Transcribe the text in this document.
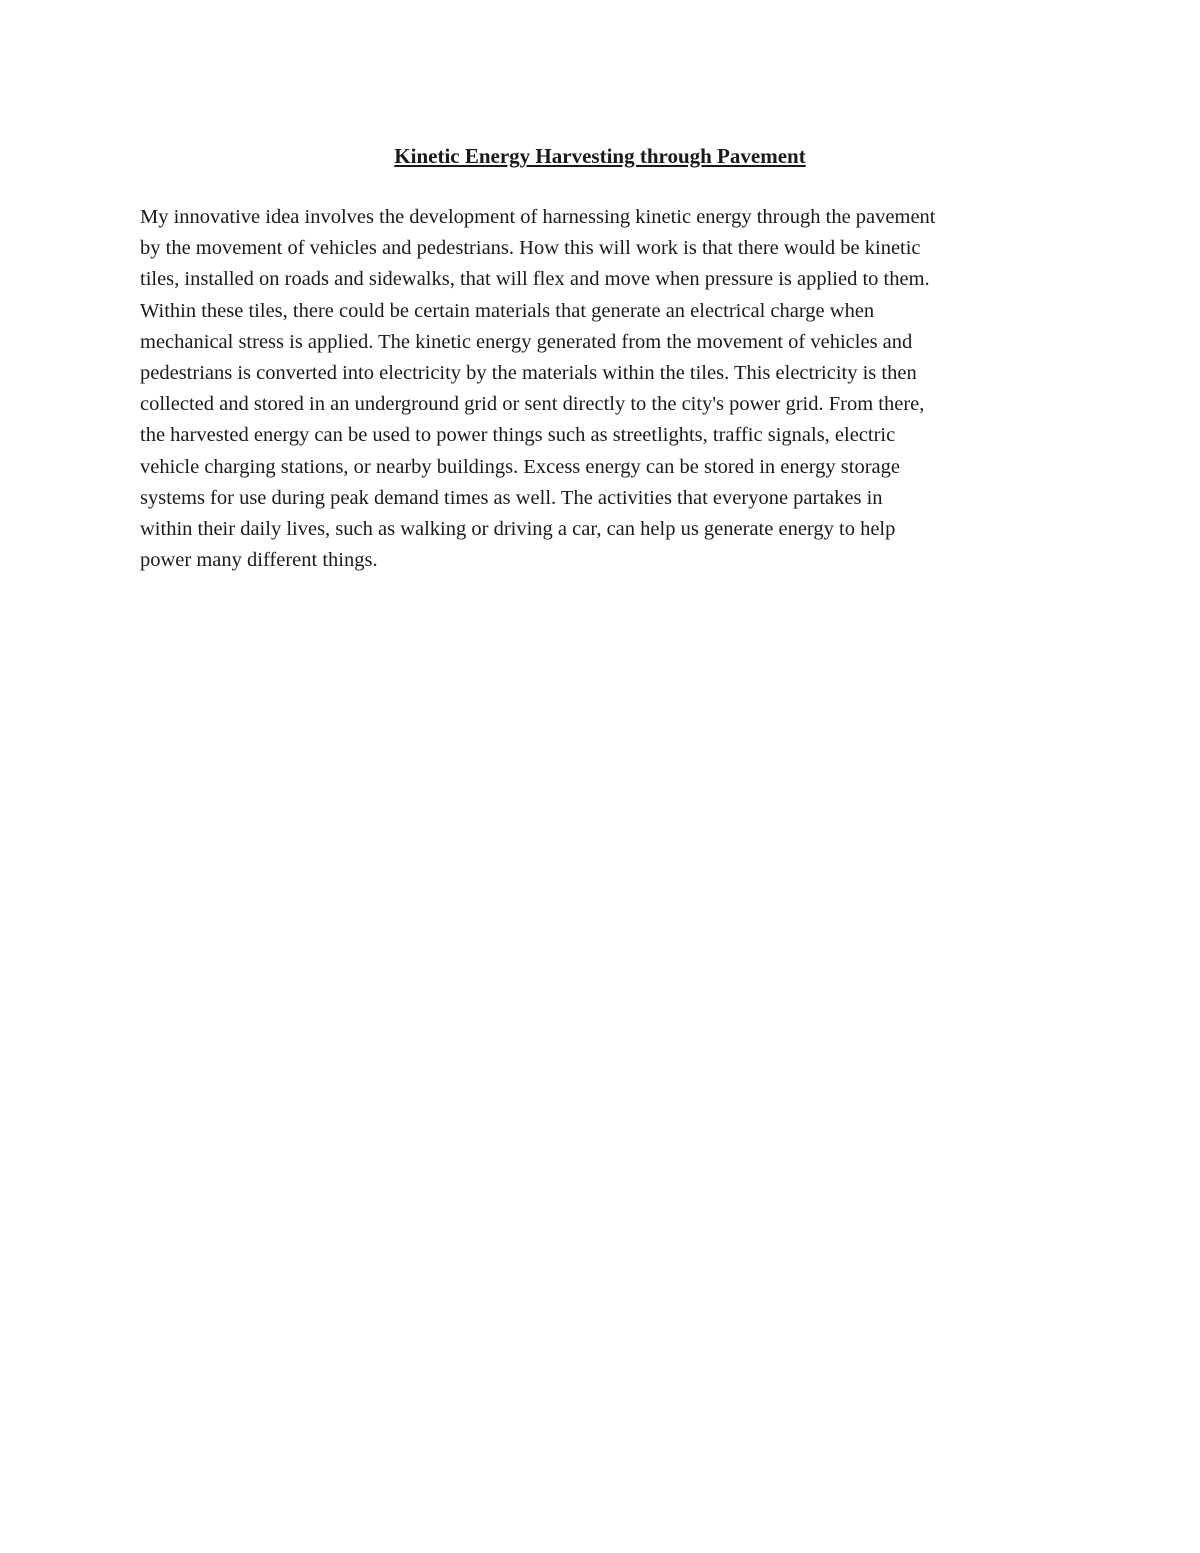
Kinetic Energy Harvesting through Pavement
My innovative idea involves the development of harnessing kinetic energy through the pavement
by the movement of vehicles and pedestrians. How this will work is that there would be kinetic
tiles, installed on roads and sidewalks, that will flex and move when pressure is applied to them.
Within these tiles, there could be certain materials that generate an electrical charge when
mechanical stress is applied. The kinetic energy generated from the movement of vehicles and
pedestrians is converted into electricity by the materials within the tiles. This electricity is then
collected and stored in an underground grid or sent directly to the city's power grid. From there,
the harvested energy can be used to power things such as streetlights, traffic signals, electric
vehicle charging stations, or nearby buildings. Excess energy can be stored in energy storage
systems for use during peak demand times as well. The activities that everyone partakes in
within their daily lives, such as walking or driving a car, can help us generate energy to help
power many different things.
